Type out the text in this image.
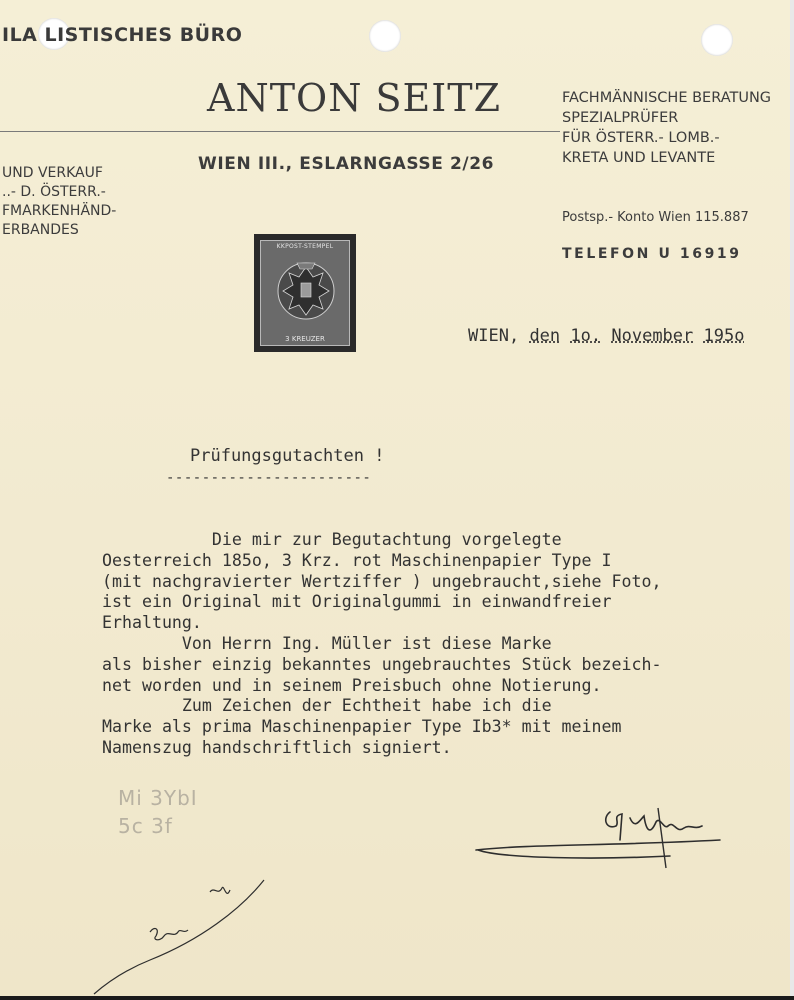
ILA LISTISCHES BÜRO

ANTON SEITZ

WIEN III., ESLARNGASSE 2/26

UND VERKAUF
..- D. ÖSTERR.-
FMARKENHÄND-
ERBANDES
FACHMÄNNISCHE BERATUNG
SPEZIALPRÜFER
FÜR ÖSTERR.- LOMB.-
KRETA UND LEVANTE

Postsp.- Konto Wien 115.887

TELEFON U 16919

KKPOST-STEMPEL
3 KREUZER	WIEN, den 1o. November 195o

Prüfungsgutachten !

-----------------------

Die mir zur Begutachtung vorgelegte
Oesterreich 185o, 3 Krz. rot Maschinenpapier Type I
(mit nachgravierter Wertziffer ) ungebraucht,siehe Foto,
ist ein Original mit Originalgummi in einwandfreier
Erhaltung.
Von Herrn Ing. Müller ist diese Marke
als bisher einzig bekanntes ungebrauchtes Stück bezeich-
net worden und in seinem Preisbuch ohne Notierung.
Zum Zeichen der Echtheit habe ich die
Marke als prima Maschinenpapier Type Ib3* mit meinem
Namenszug handschriftlich signiert.
Mi 3YbI
5c 3f
